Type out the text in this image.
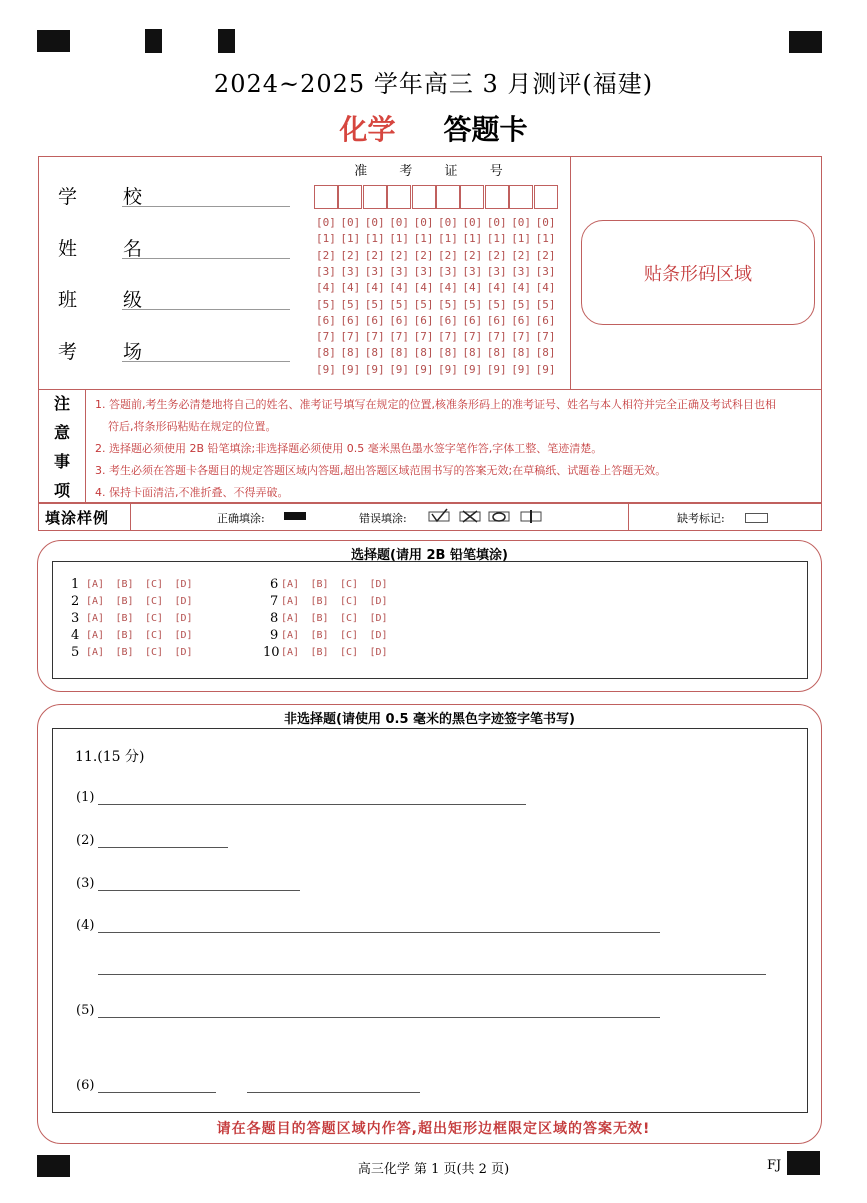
2024~2025 学年高三 3 月测评(福建)
化学 答题卡
学 校
姓 名
班 级
考 场
准 考 证 号
[0] [0] [0] [0] [0] [0] [0] [0] [0] [0]
[1] [1] [1] [1] [1] [1] [1] [1] [1] [1]
[2] [2] [2] [2] [2] [2] [2] [2] [2] [2]
[3] [3] [3] [3] [3] [3] [3] [3] [3] [3]
[4] [4] [4] [4] [4] [4] [4] [4] [4] [4]
[5] [5] [5] [5] [5] [5] [5] [5] [5] [5]
[6] [6] [6] [6] [6] [6] [6] [6] [6] [6]
[7] [7] [7] [7] [7] [7] [7] [7] [7] [7]
[8] [8] [8] [8] [8] [8] [8] [8] [8] [8]
[9] [9] [9] [9] [9] [9] [9] [9] [9] [9]
贴条形码区域
注
意
事
项
1. 答题前,考生务必清楚地将自己的姓名、准考证号填写在规定的位置,核准条形码上的准考证号、姓名与本人相符并完全正确及考试科目也相
符后,将条形码粘贴在规定的位置。
2. 选择题必须使用 2B 铅笔填涂;非选择题必须使用 0.5 毫米黑色墨水签字笔作答,字体工整、笔迹清楚。
3. 考生必须在答题卡各题目的规定答题区域内答题,超出答题区域范围书写的答案无效;在草稿纸、试题卷上答题无效。
4. 保持卡面清洁,不准折叠、不得弄破。
填涂样例	正确填涂:	错误填涂:	缺考标记:
选择题(请用 2B 铅笔填涂)
1 [A] [B] [C] [D]
2 [A] [B] [C] [D]
3 [A] [B] [C] [D]
4 [A] [B] [C] [D]
5 [A] [B] [C] [D]
6 [A] [B] [C] [D]
7 [A] [B] [C] [D]
8 [A] [B] [C] [D]
9 [A] [B] [C] [D]
10 [A] [B] [C] [D]
非选择题(请使用 0.5 毫米的黑色字迹签字笔书写)
11.(15 分)
(1)
(2)
(3)
(4)
(5)
(6)
请在各题目的答题区域内作答,超出矩形边框限定区域的答案无效!
高三化学 第 1 页(共 2 页)	FJ
